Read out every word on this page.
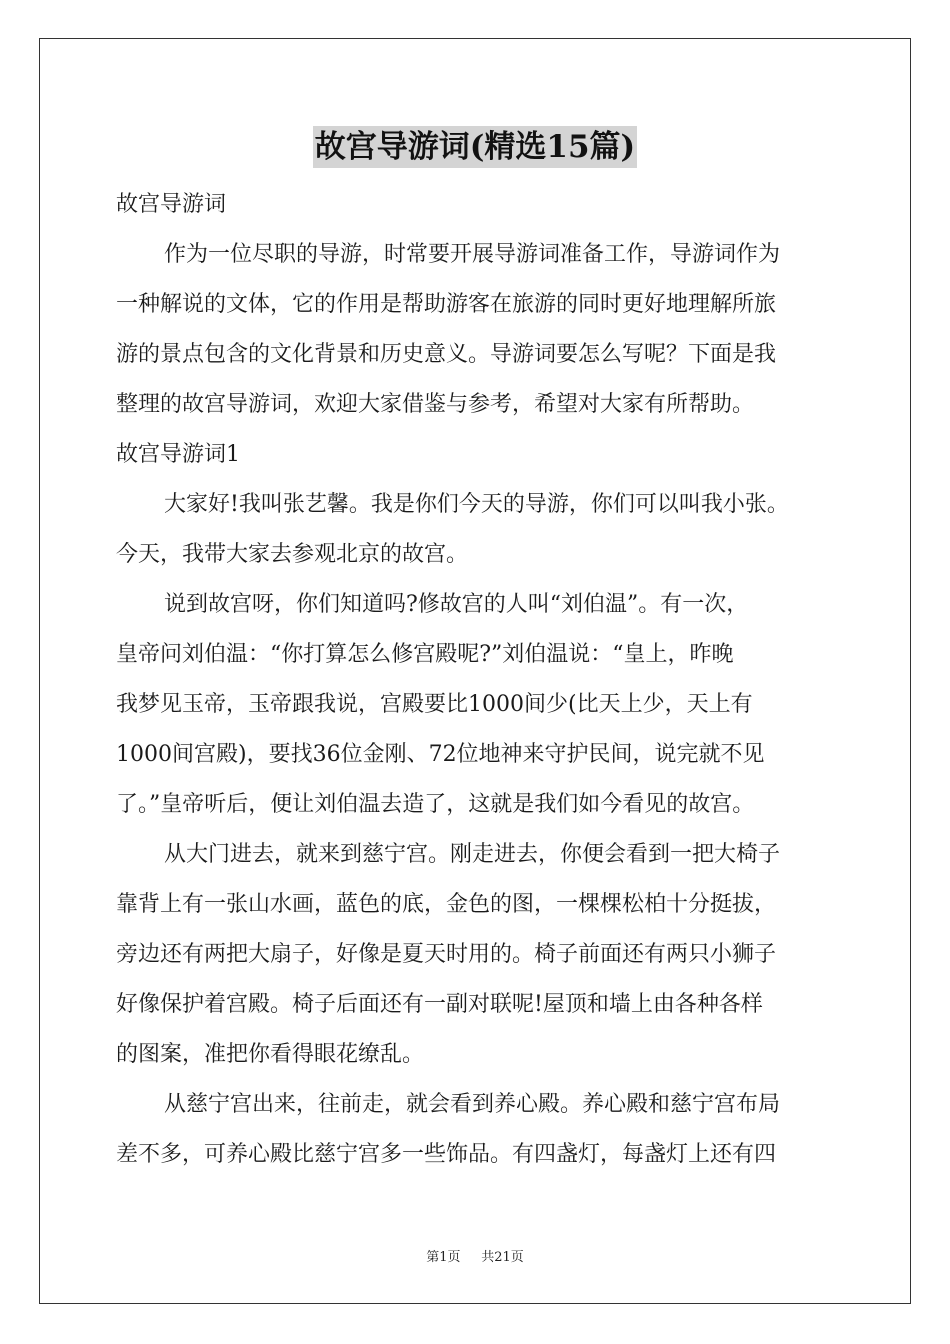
故宫导游词(精选15篇)
故宫导游词
作为一位尽职的导游，时常要开展导游词准备工作，导游词作为
一种解说的文体，它的作用是帮助游客在旅游的同时更好地理解所旅
游的景点包含的文化背景和历史意义。导游词要怎么写呢？下面是我
整理的故宫导游词，欢迎大家借鉴与参考，希望对大家有所帮助。
故宫导游词1
大家好!我叫张艺馨。我是你们今天的导游，你们可以叫我小张。
今天，我带大家去参观北京的故宫。
说到故宫呀，你们知道吗?修故宫的人叫“刘伯温”。有一次，
皇帝问刘伯温：“你打算怎么修宫殿呢?”刘伯温说：“皇上，昨晚
我梦见玉帝，玉帝跟我说，宫殿要比1000间少(比天上少，天上有
1000间宫殿)，要找36位金刚、72位地神来守护民间，说完就不见
了。”皇帝听后，便让刘伯温去造了，这就是我们如今看见的故宫。
从大门进去，就来到慈宁宫。刚走进去，你便会看到一把大椅子
靠背上有一张山水画，蓝色的底，金色的图，一棵棵松柏十分挺拔，
旁边还有两把大扇子，好像是夏天时用的。椅子前面还有两只小狮子
好像保护着宫殿。椅子后面还有一副对联呢!屋顶和墙上由各种各样
的图案，准把你看得眼花缭乱。
从慈宁宫出来，往前走，就会看到养心殿。养心殿和慈宁宫布局
差不多，可养心殿比慈宁宫多一些饰品。有四盏灯，每盏灯上还有四
第1页 共21页
